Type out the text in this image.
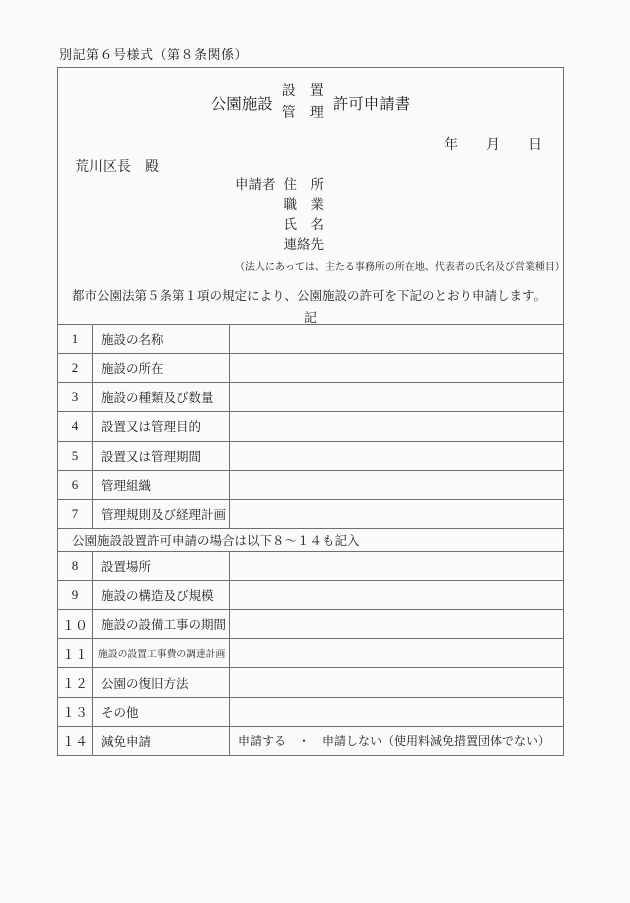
別記第６号様式（第８条関係）
公園施設
設　置
管　理
許可申請書
年　　月　　日
荒川区長　殿
申請者 住　所
職　業
氏　名
連絡先
（法人にあっては、主たる事務所の所在地、代表者の氏名及び営業種目）
都市公園法第５条第１項の規定により、公園施設の許可を下記のとおり申請します。
記
1	施設の名称	
2	施設の所在	
3	施設の種類及び数量	
4	設置又は管理目的	
5	設置又は管理期間	
6	管理組織	
7	管理規則及び経理計画	
公園施設設置許可申請の場合は以下８～１４も記入		
8	設置場所	
9	施設の構造及び規模	
１０	施設の設備工事の期間	
１１	施設の設置工事費の調達計画	
１２	公園の復旧方法	
１３	その他	
１４	減免申請	申請する　・　申請しない（使用料減免措置団体でない）
